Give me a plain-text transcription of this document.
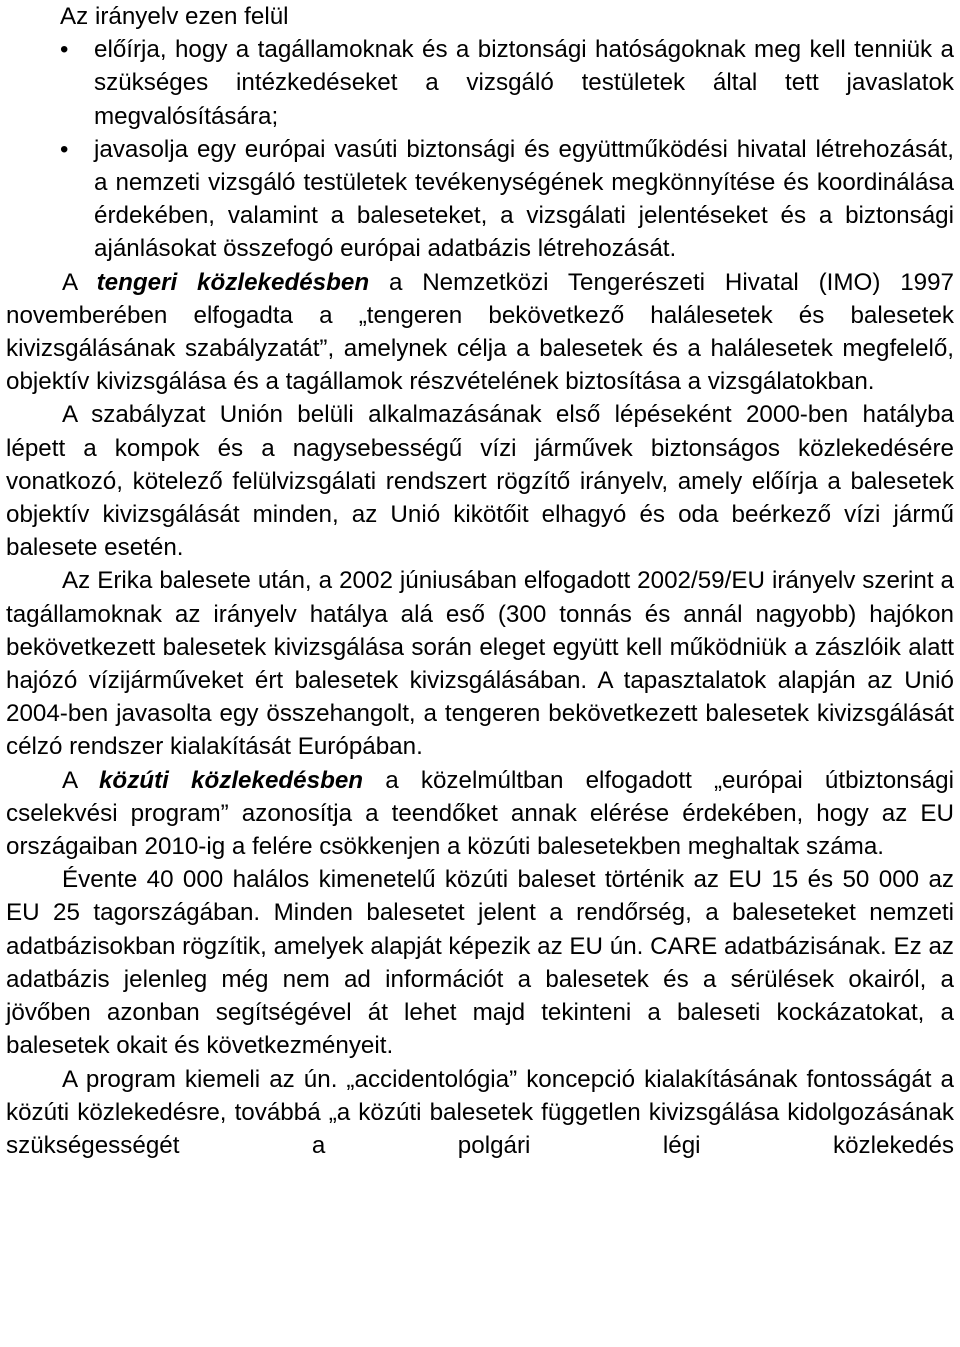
Az irányelv ezen felül

• előírja, hogy a tagállamoknak és a biztonsági hatóságoknak meg kell tenniük a szükséges intézkedéseket a vizsgáló testületek által tett javaslatok megvalósítására;
• javasolja egy európai vasúti biztonsági és együttműködési hivatal létrehozását, a nemzeti vizsgáló testületek tevékenységének megkönnyítése és koordinálása érdekében, valamint a baleseteket, a vizsgálati jelentéseket és a biztonsági ajánlásokat összefogó európai adatbázis létrehozását.

A tengeri közlekedésben a Nemzetközi Tengerészeti Hivatal (IMO) 1997 novemberében elfogadta a „tengeren bekövetkező halálesetek és balesetek kivizsgálásának szabályzatát”, amelynek célja a balesetek és a halálesetek megfelelő, objektív kivizsgálása és a tagállamok részvételének biztosítása a vizsgálatokban.

A szabályzat Unión belüli alkalmazásának első lépéseként 2000-ben hatályba lépett a kompok és a nagysebességű vízi járművek biztonságos közlekedésére vonatkozó, kötelező felülvizsgálati rendszert rögzítő irányelv, amely előírja a balesetek objektív kivizsgálását minden, az Unió kikötőit elhagyó és oda beérkező vízi jármű balesete esetén.

Az Erika balesete után, a 2002 júniusában elfogadott 2002/59/EU irányelv szerint a tagállamoknak az irányelv hatálya alá eső (300 tonnás és annál nagyobb) hajókon bekövetkezett balesetek kivizsgálása során eleget együtt kell működniük a zászlóik alatt hajózó vízijárműveket ért balesetek kivizsgálásában. A tapasztalatok alapján az Unió 2004-ben javasolta egy összehangolt, a tengeren bekövetkezett balesetek kivizsgálását célzó rendszer kialakítását Európában.

A közúti közlekedésben a közelmúltban elfogadott „európai útbiztonsági cselekvési program” azonosítja a teendőket annak elérése érdekében, hogy az EU országaiban 2010-ig a felére csökkenjen a közúti balesetekben meghaltak száma.

Évente 40 000 halálos kimenetelű közúti baleset történik az EU 15 és 50 000 az EU 25 tagországában. Minden balesetet jelent a rendőrség, a baleseteket nemzeti adatbázisokban rögzítik, amelyek alapját képezik az EU ún. CARE adatbázisának. Ez az adatbázis jelenleg még nem ad információt a balesetek és a sérülések okairól, a jövőben azonban segítségével át lehet majd tekinteni a baleseti kockázatokat, a balesetek okait és következményeit.

A program kiemeli az ún. „accidentológia” koncepció kialakításának fontosságát a közúti közlekedésre, továbbá „a közúti balesetek független kivizsgálása kidolgozásának szükségességét a polgári légi közlekedés
